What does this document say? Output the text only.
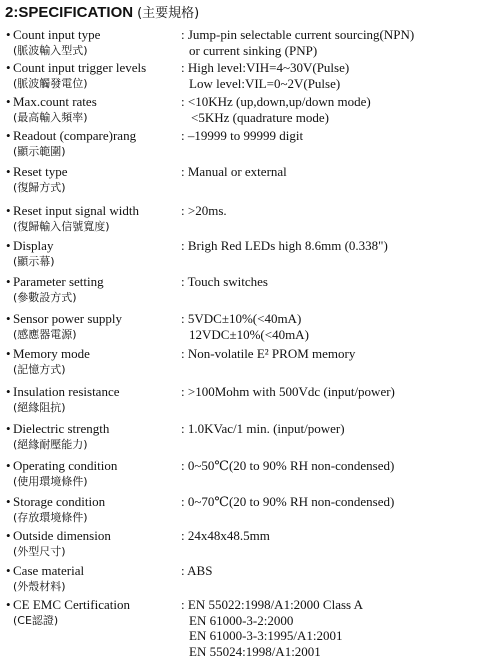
2:SPECIFICATION (主要規格)
• Count input type
(脈波輸入型式)
: Jump-pin selectable current sourcing(NPN)
or current sinking (PNP)
• Count input trigger levels
(脈波觸發電位)
: High level:VIH=4~30V(Pulse)
Low level:VIL=0~2V(Pulse)
• Max.count rates
(最高輸入頻率)
: <10KHz (up,down,up/down mode)
<5KHz (quadrature mode)
• Readout (compare)rang
(顯示範圍)
: –19999 to 99999 digit
• Reset type
(復歸方式)
: Manual or external
• Reset input signal width
(復歸輸入信號寬度)
: >20ms.
• Display
(顯示幕)
: Brigh Red LEDs high 8.6mm (0.338")
• Parameter setting
(參數設方式)
: Touch switches
• Sensor power supply
(感應器電源)
: 5VDC±10%(<40mA)
12VDC±10%(<40mA)
• Memory mode
(記憶方式)
: Non-volatile E² PROM memory
• Insulation resistance
(絕緣阻抗)
: >100Mohm with 500Vdc (input/power)
• Dielectric strength
(絕緣耐壓能力)
: 1.0KVac/1 min. (input/power)
• Operating condition
(使用環境條件)
: 0~50℃(20 to 90% RH non-condensed)
• Storage condition
(存放環境條件)
: 0~70℃(20 to 90% RH non-condensed)
• Outside dimension
(外型尺寸)
: 24x48x48.5mm
• Case material
(外殼材料)
: ABS
• CE EMC Certification
(CE認證)
: EN 55022:1998/A1:2000 Class A
EN 61000-3-2:2000
EN 61000-3-3:1995/A1:2001
EN 55024:1998/A1:2001
